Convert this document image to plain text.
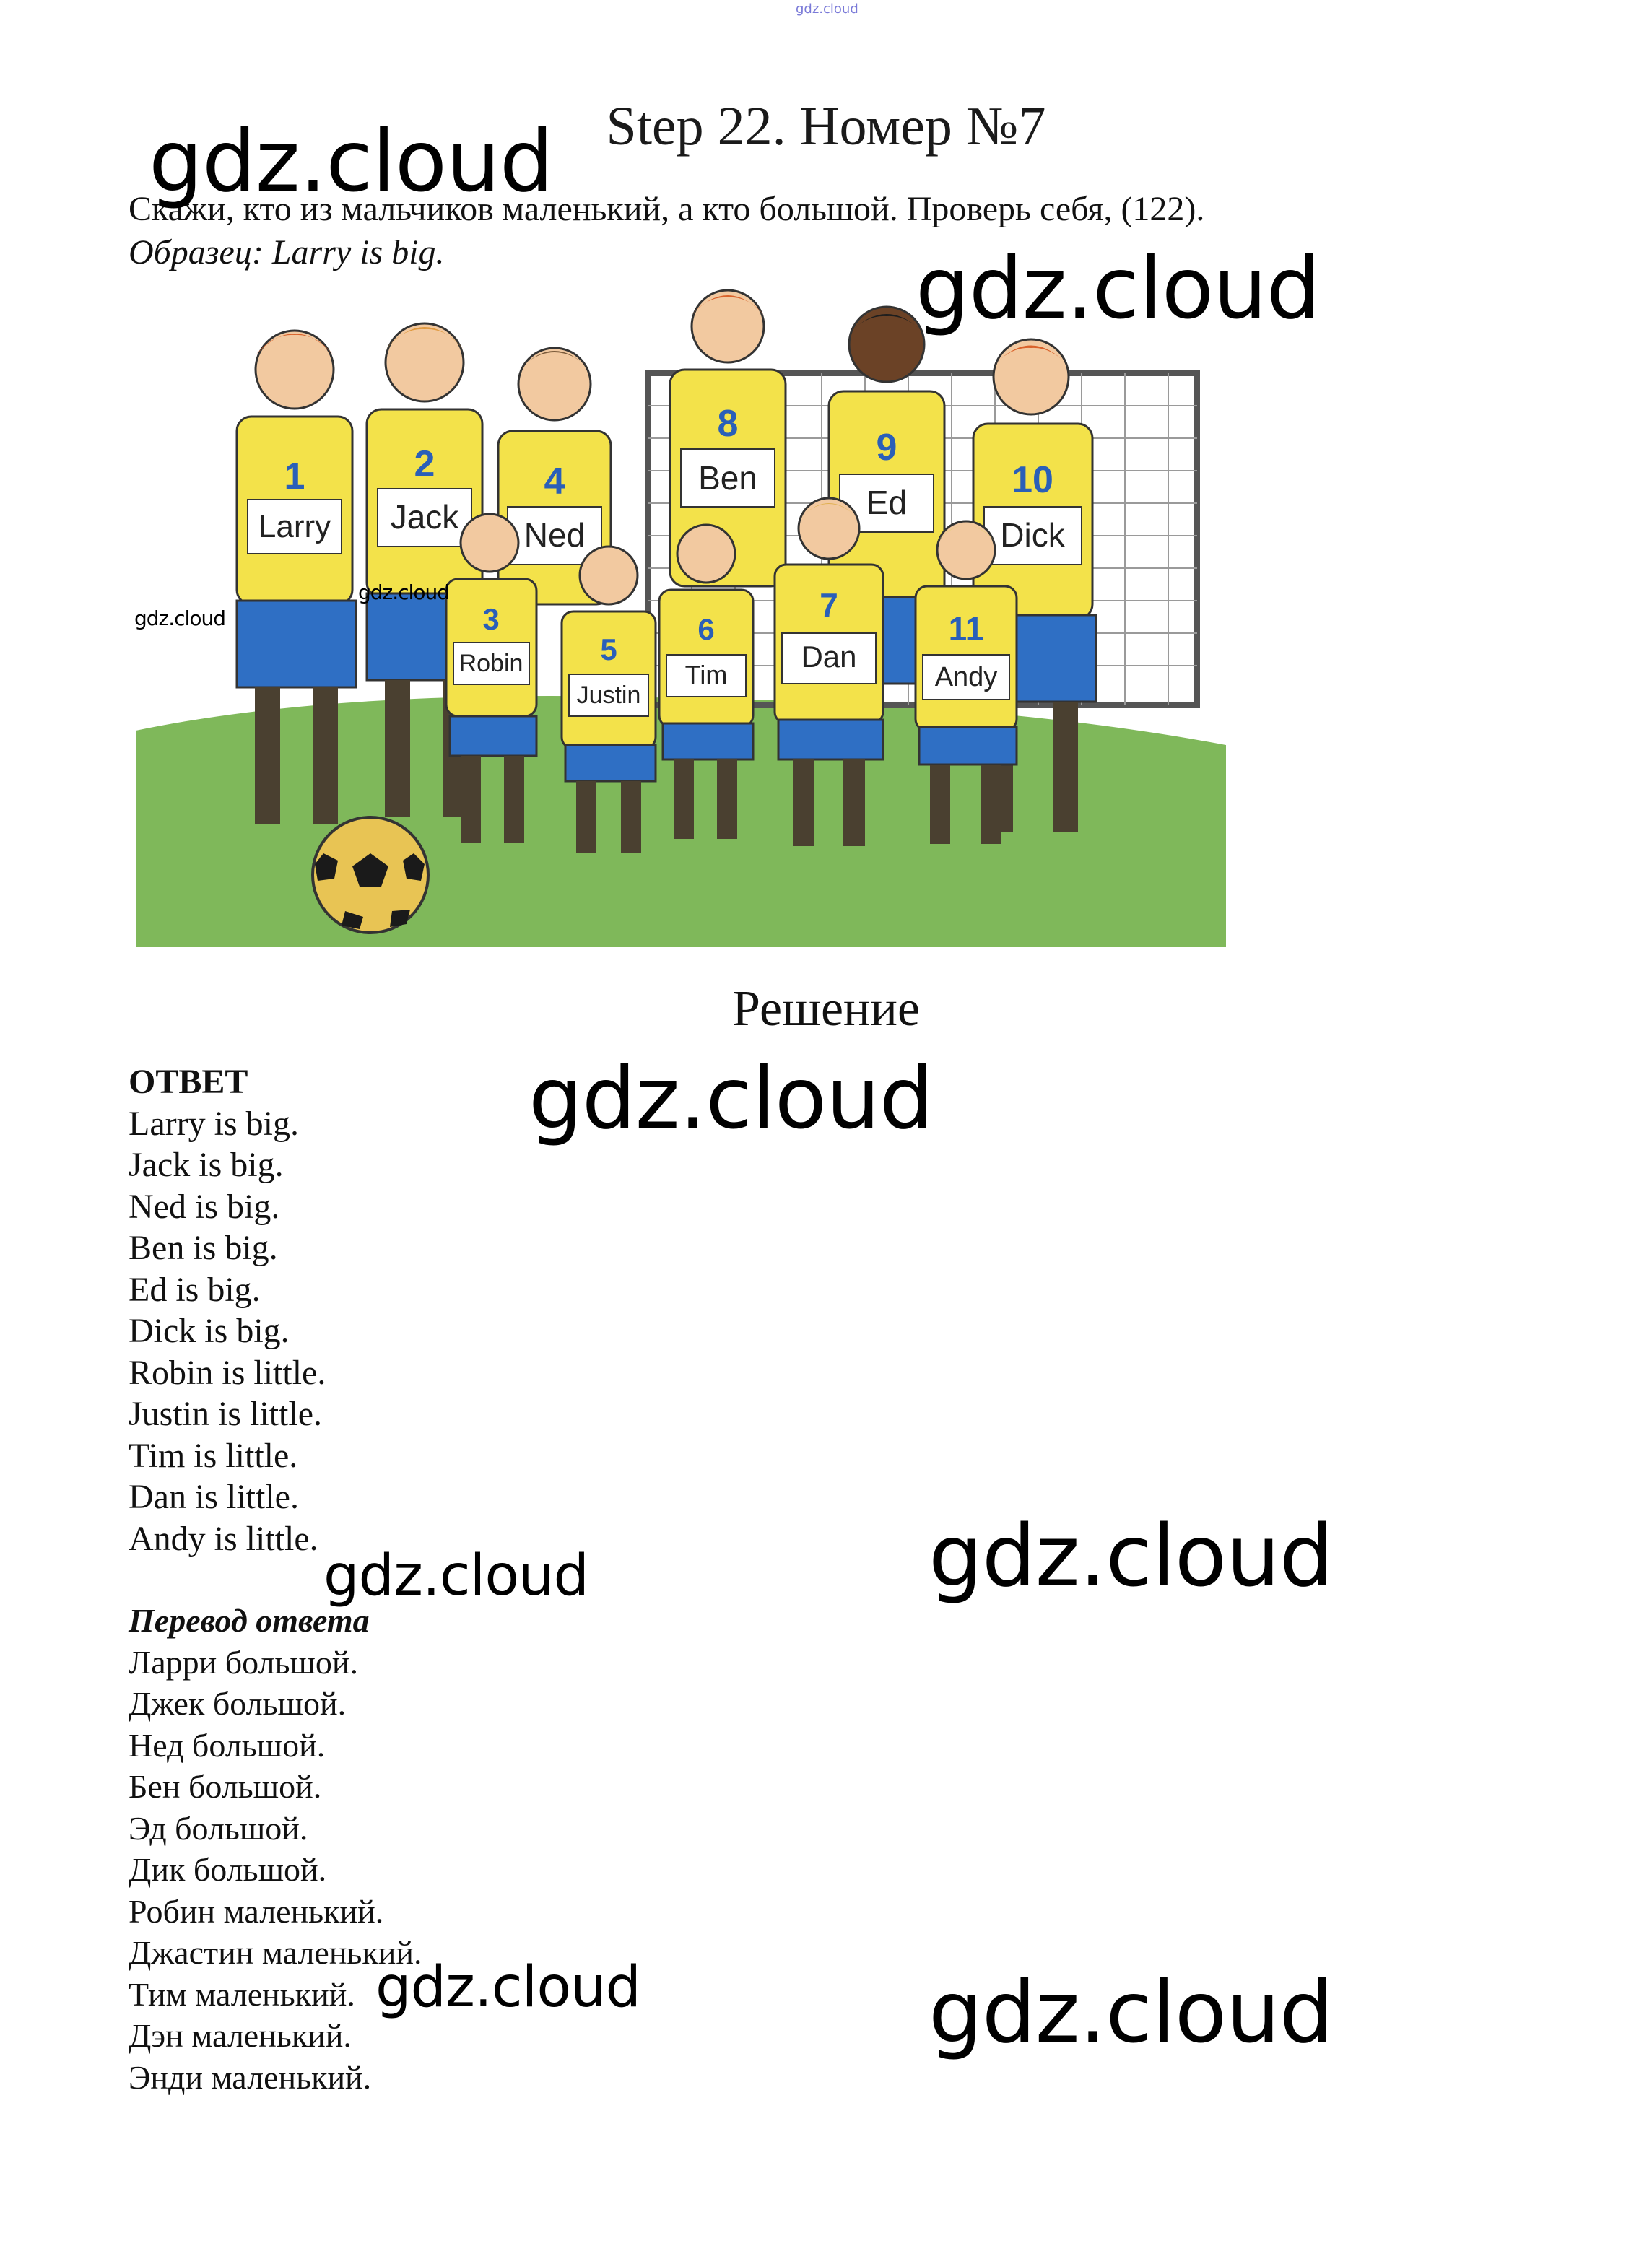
gdz.cloud
Step 22. Номер №7
Скажи, кто из мальчиков маленький, а кто большой. Проверь себя, (122).
Образец: Larry is big.
1
Larry
2
Jack
4
Ned
8
Ben
9
Ed
10
Dick
3
Robin	5
Justin
6
Tim
7
Dan
11
Andy
Решение
ОТВЕТ
Larry is big.
Jack is big.
Ned is big.
Ben is big.
Ed is big.
Dick is big.
Robin is little.
Justin is little.
Tim is little.
Dan is little.
Andy is little.
Перевод ответа
Ларри большой.
Джек большой.
Нед большой.
Бен большой.
Эд большой.
Дик большой.
Робин маленький.
Джастин маленький.
Тим маленький.
Дэн маленький.
Энди маленький.
gdz.cloud
gdz.cloud
gdz.cloud
gdz.cloud
gdz.cloud
gdz.cloud
gdz.cloud
gdz.cloud	gdz.cloud
